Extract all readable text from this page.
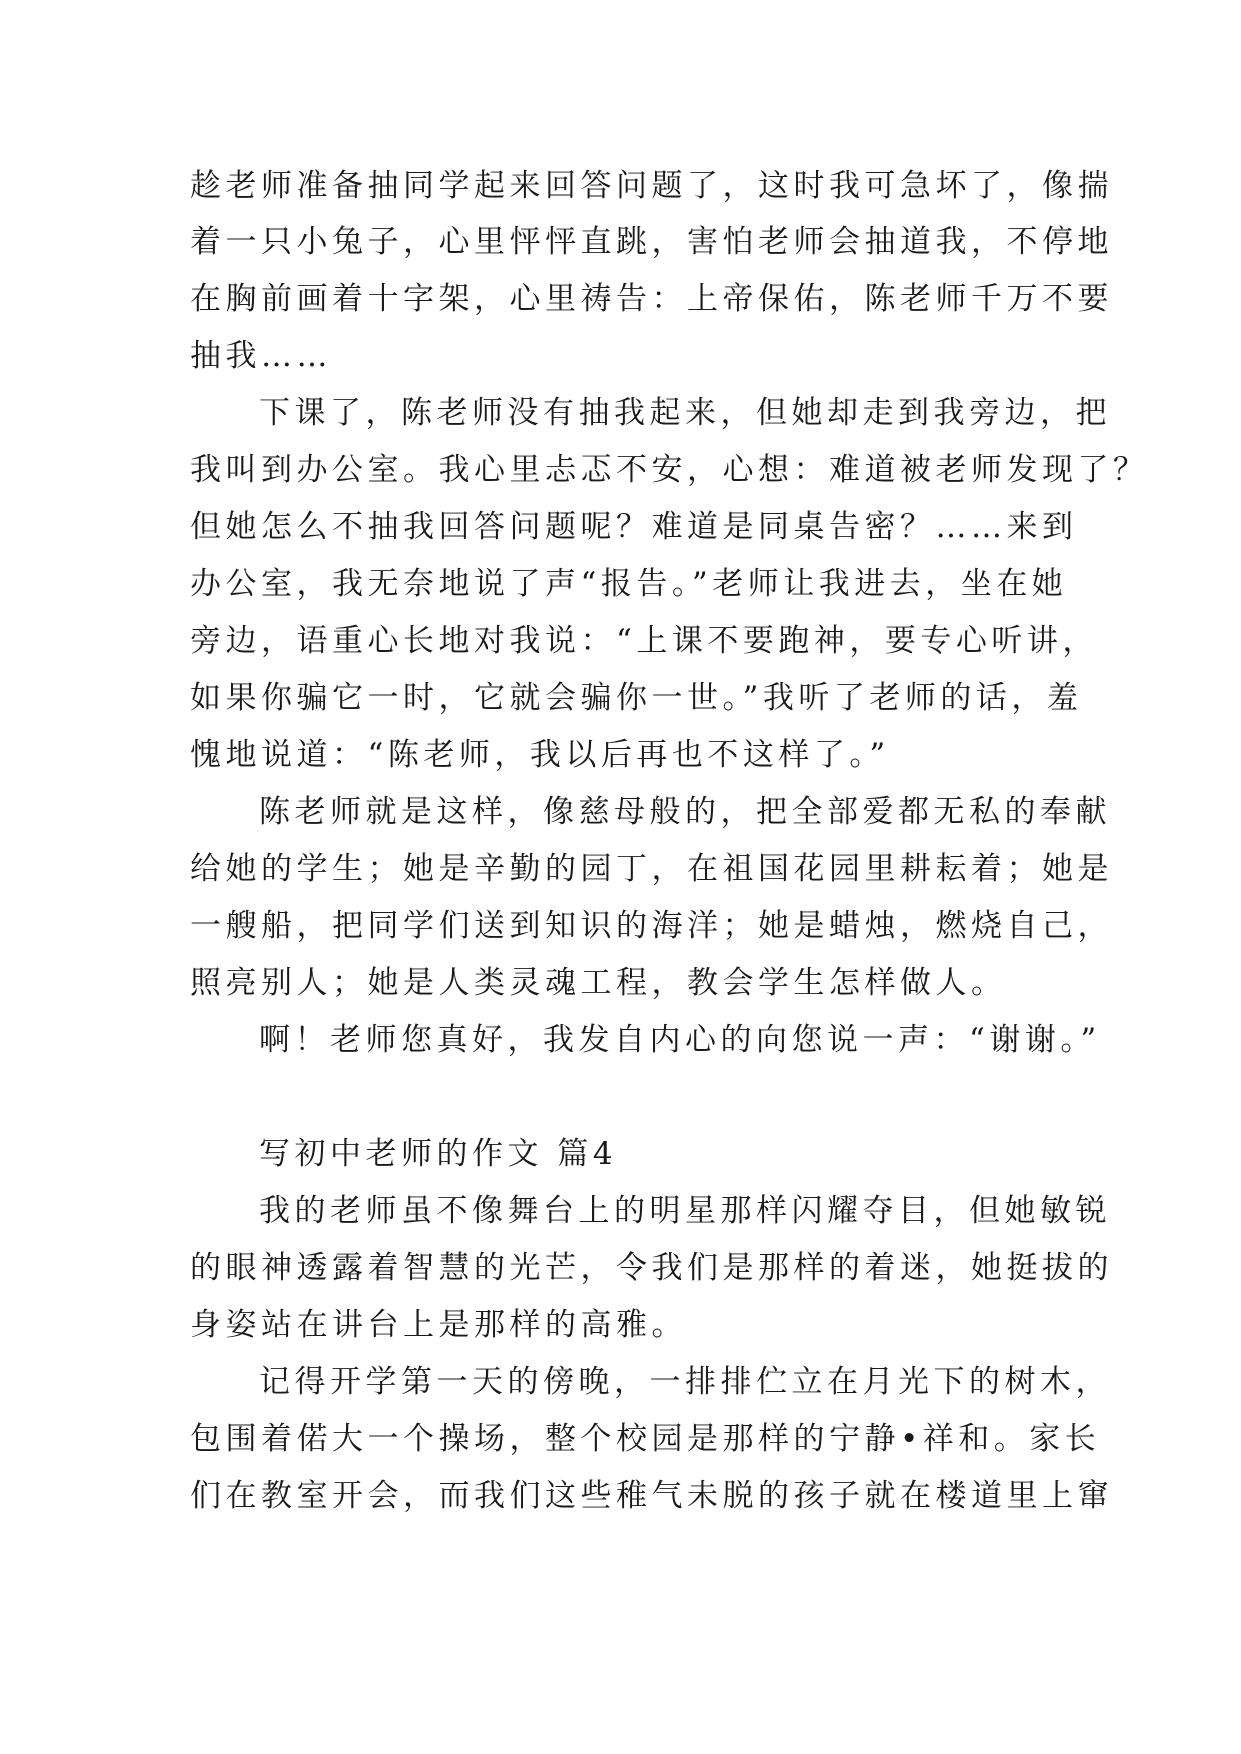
趁老师准备抽同学起来回答问题了，这时我可急坏了，像揣
着一只小兔子，心里怦怦直跳，害怕老师会抽道我，不停地
在胸前画着十字架，心里祷告：上帝保佑，陈老师千万不要
抽我……
下课了，陈老师没有抽我起来，但她却走到我旁边，把
我叫到办公室。我心里忐忑不安，心想：难道被老师发现了？
但她怎么不抽我回答问题呢？难道是同桌告密？……来到
办公室，我无奈地说了声“报告。”老师让我进去，坐在她
旁边，语重心长地对我说：“上课不要跑神，要专心听讲，
如果你骗它一时，它就会骗你一世。”我听了老师的话，羞
愧地说道：“陈老师，我以后再也不这样了。”
陈老师就是这样，像慈母般的，把全部爱都无私的奉献
给她的学生；她是辛勤的园丁，在祖国花园里耕耘着；她是
一艘船，把同学们送到知识的海洋；她是蜡烛，燃烧自己，
照亮别人；她是人类灵魂工程，教会学生怎样做人。
啊！老师您真好，我发自内心的向您说一声：“谢谢。”
写初中老师的作文 篇4
我的老师虽不像舞台上的明星那样闪耀夺目，但她敏锐
的眼神透露着智慧的光芒，令我们是那样的着迷，她挺拔的
身姿站在讲台上是那样的高雅。
记得开学第一天的傍晚，一排排伫立在月光下的树木，
包围着偌大一个操场，整个校园是那样的宁静•祥和。家长
们在教室开会，而我们这些稚气未脱的孩子就在楼道里上窜
